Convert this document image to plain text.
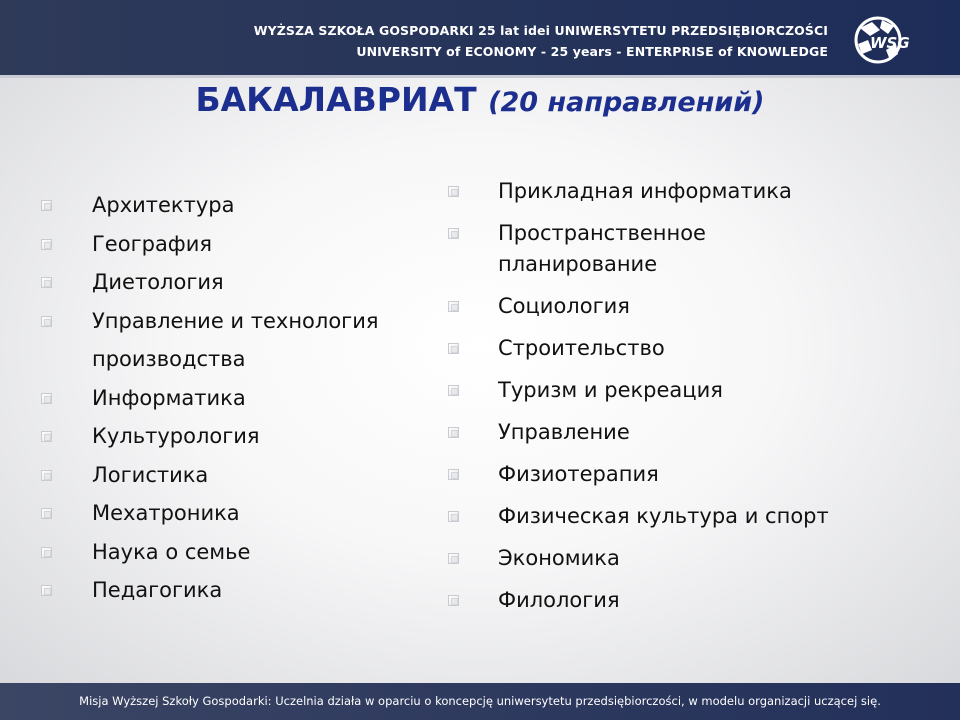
WYŻSZA SZKOŁA GOSPODARKI 25 lat idei UNIWERSYTETU PRZEDSIĘBIORCZOŚCI
UNIVERSITY of ECONOMY - 25 years - ENTERPRISE of KNOWLEDGE	WSG
БАКАЛАВРИАТ (20 направлений)
Архитектура
География
Диетология
Управление и технология
производства
Информатика
Культурология
Логистика
Мехатроника
Наука о семье
Педагогика
Прикладная информатика
Пространственное
планирование
Социология
Строительство
Туризм и рекреация
Управление
Физиотерапия
Физическая культура и спорт
Экономика
Филология
Misja Wyższej Szkoły Gospodarki: Uczelnia działa w oparciu o koncepcję uniwersytetu przedsiębiorczości, w modelu organizacji uczącej się.
